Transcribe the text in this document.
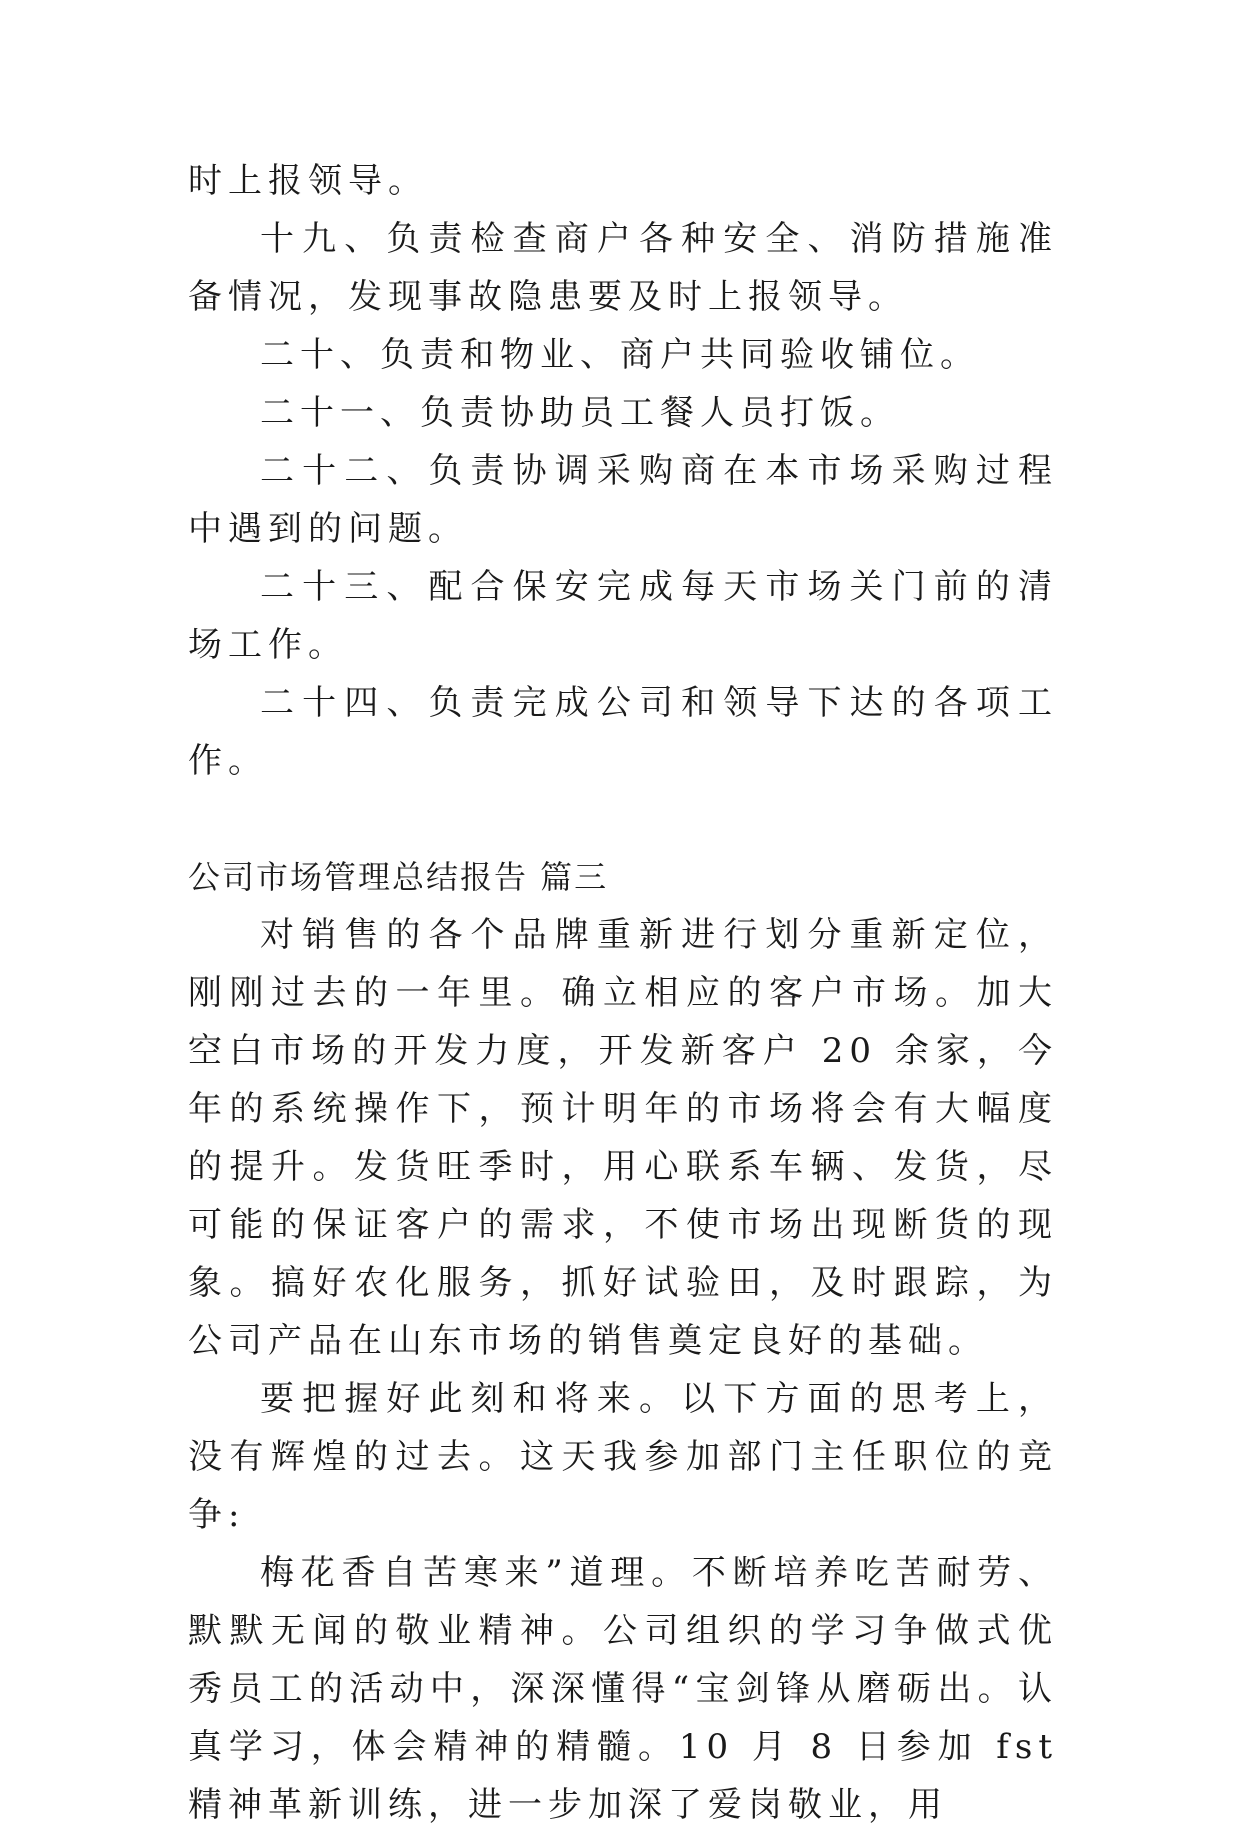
时上报领导。

十九、负责检查商户各种安全、消防措施准备情况，发现事故隐患要及时上报领导。

二十、负责和物业、商户共同验收铺位。

二十一、负责协助员工餐人员打饭。

二十二、负责协调采购商在本市场采购过程中遇到的问题。

二十三、配合保安完成每天市场关门前的清场工作。

二十四、负责完成公司和领导下达的各项工作。

公司市场管理总结报告 篇三

对销售的各个品牌重新进行划分重新定位，刚刚过去的一年里。确立相应的客户市场。加大空白市场的开发力度，开发新客户 20 余家，今年的系统操作下，预计明年的市场将会有大幅度的提升。发货旺季时，用心联系车辆、发货，尽可能的保证客户的需求，不使市场出现断货的现象。搞好农化服务，抓好试验田，及时跟踪，为公司产品在山东市场的销售奠定良好的基础。

要把握好此刻和将来。以下方面的思考上，没有辉煌的过去。这天我参加部门主任职位的竞争:

梅花香自苦寒来”道理。不断培养吃苦耐劳、默默无闻的敬业精神。公司组织的学习争做式优秀员工的活动中，深深懂得“宝剑锋从磨砺出。认真学习，体会精神的精髓。10 月 8 日参加 fst 精神革新训练，进一步加深了爱岗敬业，用
